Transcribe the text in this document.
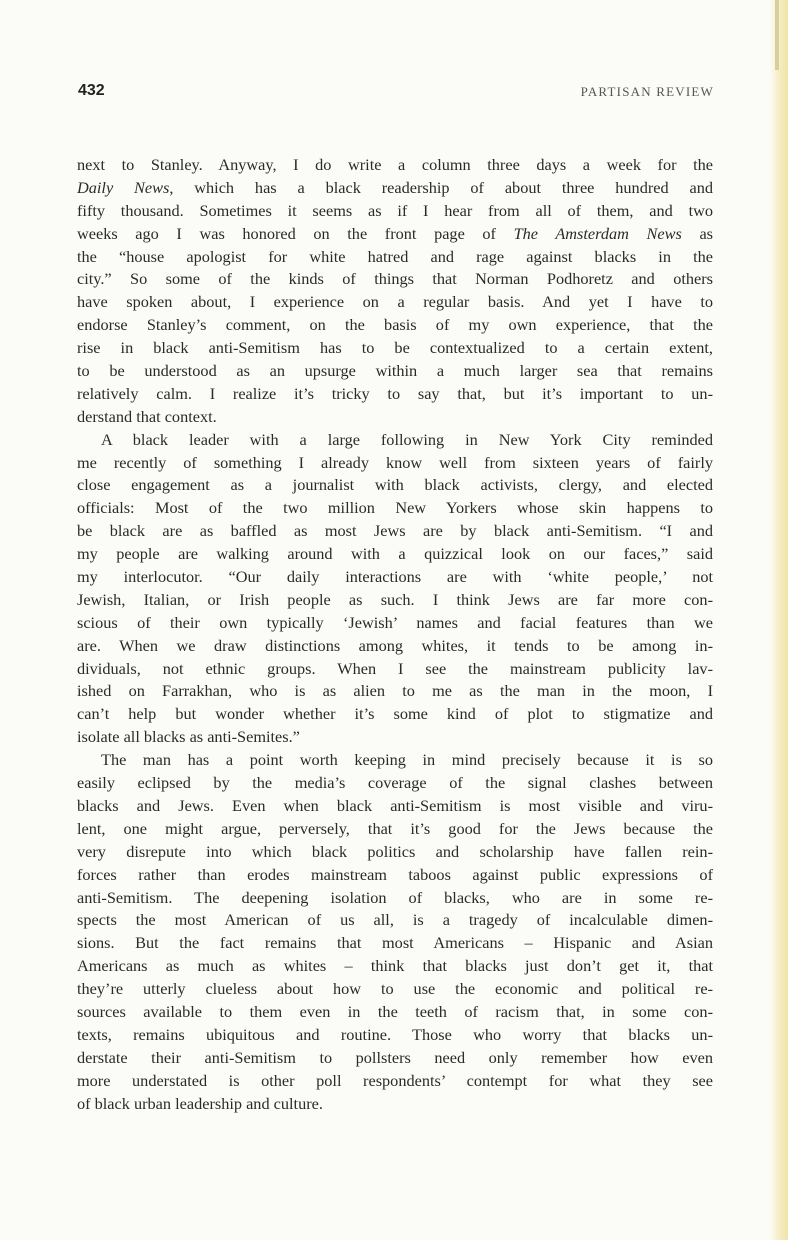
432	PARTISAN REVIEW
next to Stanley. Anyway, I do write a column three days a week for the
Daily News, which has a black readership of about three hundred and
fifty thousand. Sometimes it seems as if I hear from all of them, and two
weeks ago I was honored on the front page of The Amsterdam News as
the “house apologist for white hatred and rage against blacks in the
city.” So some of the kinds of things that Norman Podhoretz and others
have spoken about, I experience on a regular basis. And yet I have to
endorse Stanley’s comment, on the basis of my own experience, that the
rise in black anti-Semitism has to be contextualized to a certain extent,
to be understood as an upsurge within a much larger sea that remains
relatively calm. I realize it’s tricky to say that, but it’s important to un-
derstand that context.
A black leader with a large following in New York City reminded
me recently of something I already know well from sixteen years of fairly
close engagement as a journalist with black activists, clergy, and elected
officials: Most of the two million New Yorkers whose skin happens to
be black are as baffled as most Jews are by black anti-Semitism. “I and
my people are walking around with a quizzical look on our faces,” said
my interlocutor. “Our daily interactions are with ‘white people,’ not
Jewish, Italian, or Irish people as such. I think Jews are far more con-
scious of their own typically ‘Jewish’ names and facial features than we
are. When we draw distinctions among whites, it tends to be among in-
dividuals, not ethnic groups. When I see the mainstream publicity lav-
ished on Farrakhan, who is as alien to me as the man in the moon, I
can’t help but wonder whether it’s some kind of plot to stigmatize and
isolate all blacks as anti-Semites.”
The man has a point worth keeping in mind precisely because it is so
easily eclipsed by the media’s coverage of the signal clashes between
blacks and Jews. Even when black anti-Semitism is most visible and viru-
lent, one might argue, perversely, that it’s good for the Jews because the
very disrepute into which black politics and scholarship have fallen rein-
forces rather than erodes mainstream taboos against public expressions of
anti-Semitism. The deepening isolation of blacks, who are in some re-
spects the most American of us all, is a tragedy of incalculable dimen-
sions. But the fact remains that most Americans – Hispanic and Asian
Americans as much as whites – think that blacks just don’t get it, that
they’re utterly clueless about how to use the economic and political re-
sources available to them even in the teeth of racism that, in some con-
texts, remains ubiquitous and routine. Those who worry that blacks un-
derstate their anti-Semitism to pollsters need only remember how even
more understated is other poll respondents’ contempt for what they see
of black urban leadership and culture.
